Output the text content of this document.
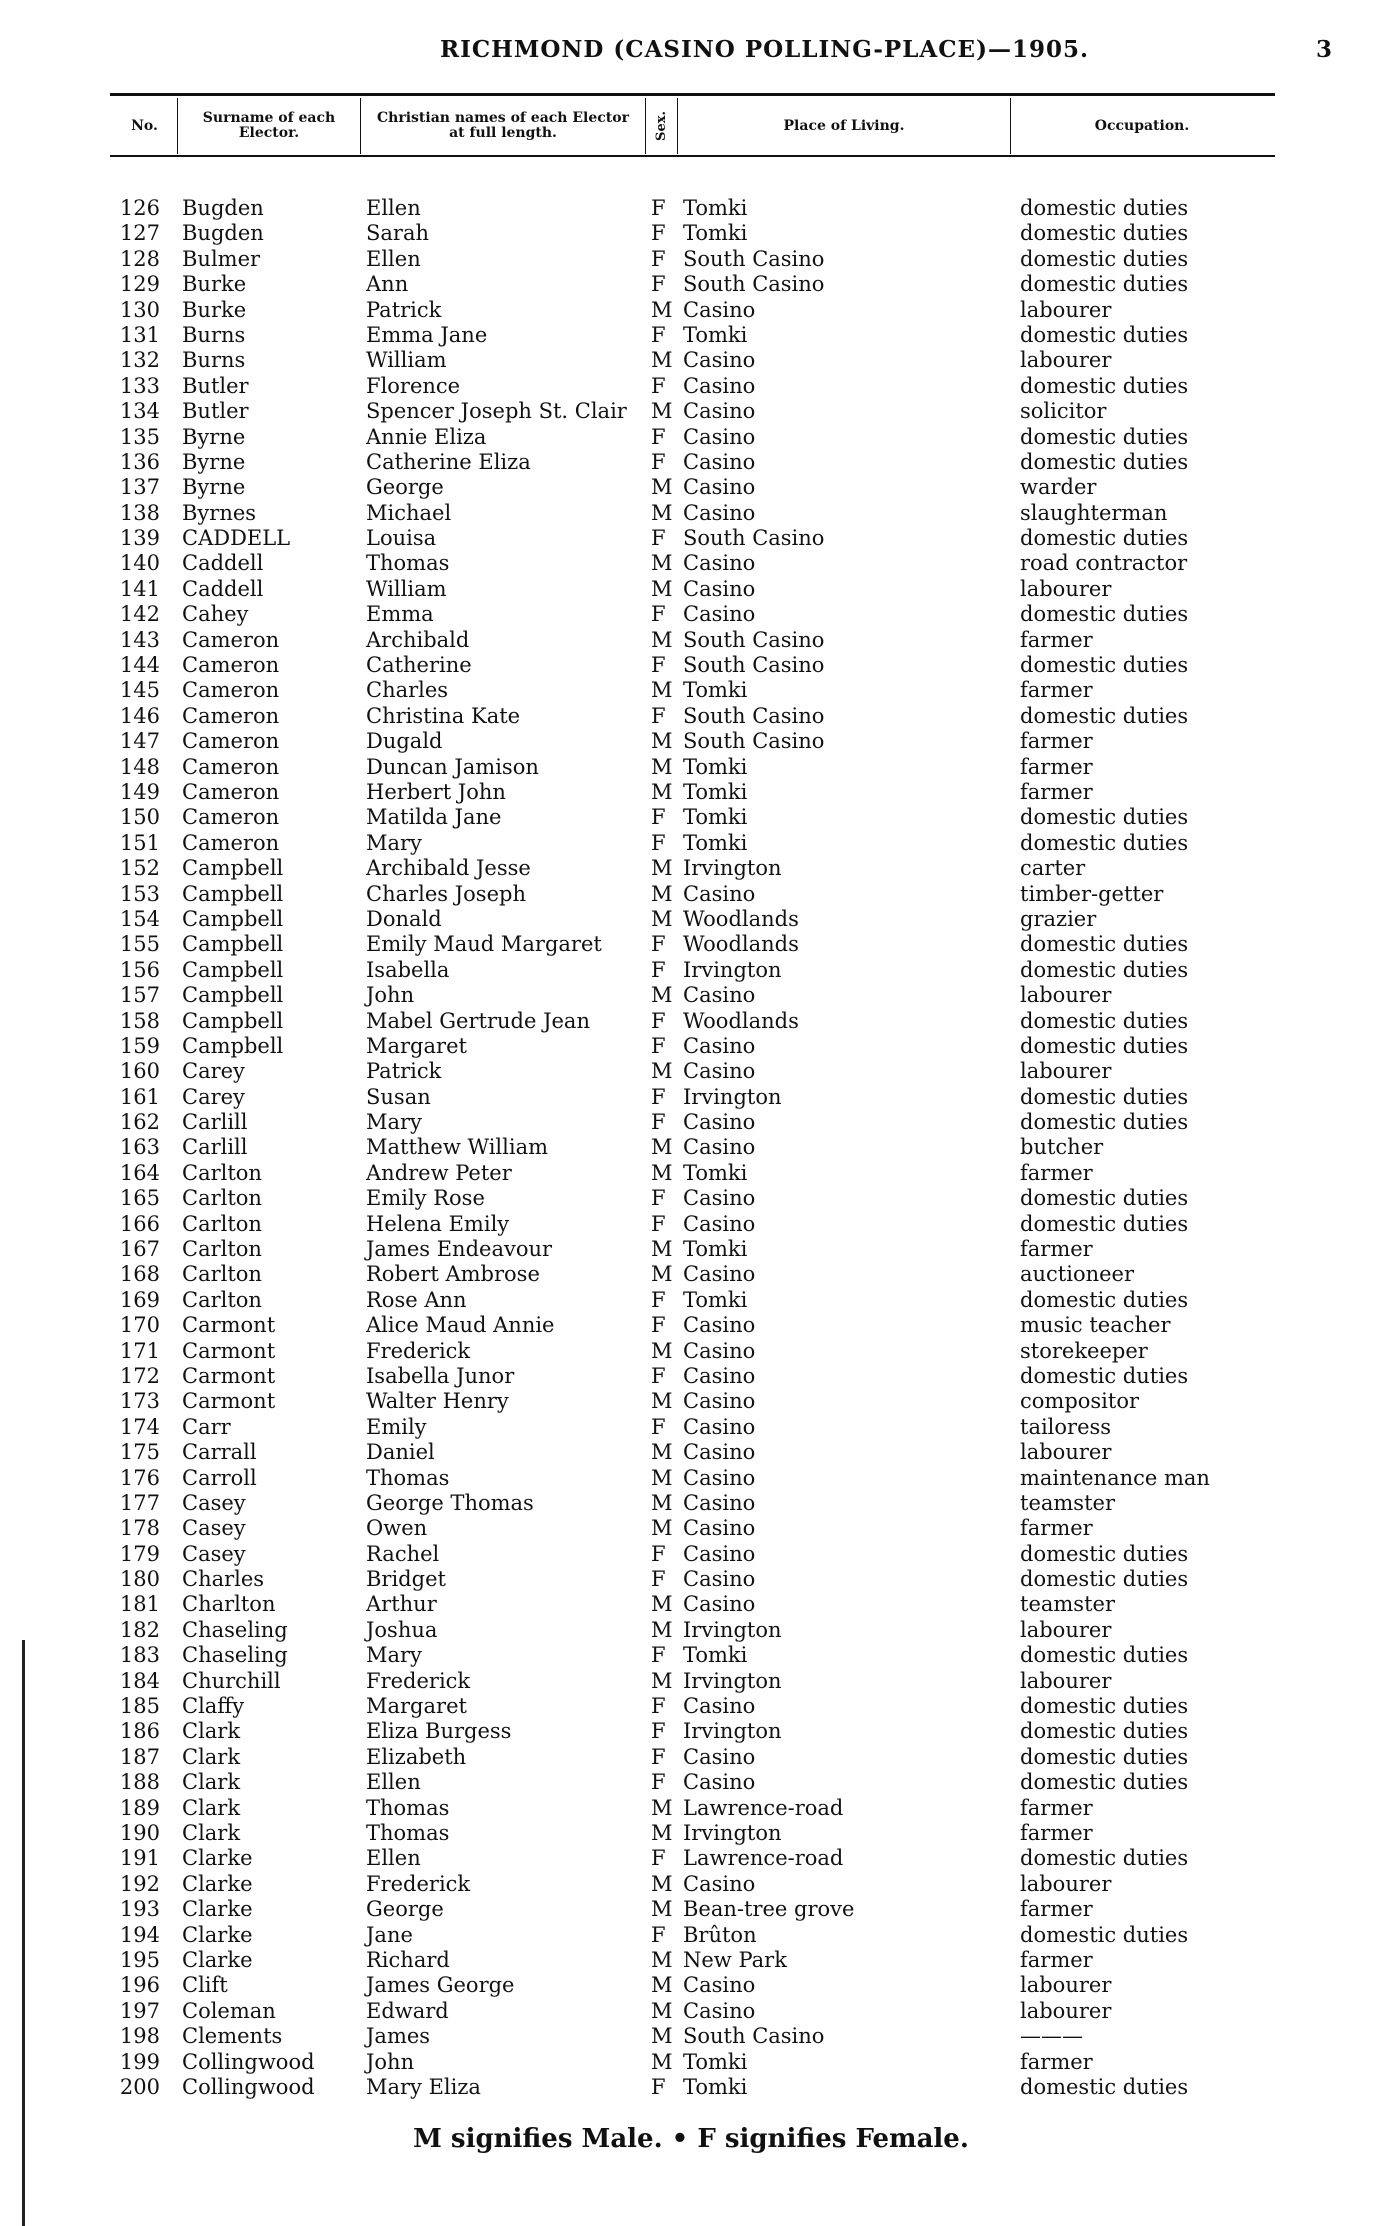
RICHMOND (CASINO POLLING-PLACE)—1905.	3
No.	Surname of each Elector.
Christian names of each Elector at full length.	Sex.	Place of Living.	Occupation.
126 Bugden	Ellen	F Tomki	domestic duties
127 Bugden	Sarah	F Tomki	domestic duties
128 Bulmer	Ellen	F South Casino	domestic duties
129 Burke	Ann	F South Casino	domestic duties
130 Burke	Patrick	M Casino	labourer
131 Burns	Emma Jane	F Tomki	domestic duties
132 Burns	William	M Casino	labourer
133 Butler	Florence	F Casino	domestic duties
134 Butler	Spencer Joseph St. Clair M Casino	solicitor
135 Byrne	Annie Eliza	F Casino	domestic duties
136 Byrne	Catherine Eliza	F Casino	domestic duties
137 Byrne	George	M Casino	warder
138 Byrnes	Michael	M Casino	slaughterman
139 CADDELL	Louisa	F South Casino	domestic duties
140 Caddell	Thomas	M Casino	road contractor
141 Caddell	William	M Casino	labourer
142 Cahey	Emma	F Casino	domestic duties
143 Cameron	Archibald	M South Casino	farmer
144 Cameron	Catherine	F South Casino	domestic duties
145 Cameron	Charles	M Tomki	farmer
146 Cameron	Christina Kate	F South Casino	domestic duties
147 Cameron	Dugald	M South Casino	farmer
148 Cameron	Duncan Jamison	M Tomki	farmer
149 Cameron	Herbert John	M Tomki	farmer
150 Cameron	Matilda Jane	F Tomki	domestic duties
151 Cameron	Mary	F Tomki	domestic duties
152 Campbell	Archibald Jesse	M Irvington	carter
153 Campbell	Charles Joseph	M Casino	timber-getter
154 Campbell	Donald	M Woodlands	grazier
155 Campbell	Emily Maud Margaret F Woodlands	domestic duties
156 Campbell	Isabella	F Irvington	domestic duties
157 Campbell	John	M Casino	labourer
158 Campbell	Mabel Gertrude Jean	F Woodlands	domestic duties
159 Campbell	Margaret	F Casino	domestic duties
160 Carey	Patrick	M Casino	labourer
161 Carey	Susan	F Irvington	domestic duties
162 Carlill	Mary	F Casino	domestic duties
163 Carlill	Matthew William	M Casino	butcher
164 Carlton	Andrew Peter	M Tomki	farmer
165 Carlton	Emily Rose	F Casino	domestic duties
166 Carlton	Helena Emily	F Casino	domestic duties
167 Carlton	James Endeavour	M Tomki	farmer
168 Carlton	Robert Ambrose	M Casino	auctioneer
169 Carlton	Rose Ann	F Tomki	domestic duties
170 Carmont	Alice Maud Annie	F Casino	music teacher
171 Carmont	Frederick	M Casino	storekeeper
172 Carmont	Isabella Junor	F Casino	domestic duties
173 Carmont	Walter Henry	M Casino	compositor
174 Carr	Emily	F Casino	tailoress
175 Carrall	Daniel	M Casino	labourer
176 Carroll	Thomas	M Casino	maintenance man
177 Casey	George Thomas	M Casino	teamster
178 Casey	Owen	M Casino	farmer
179 Casey	Rachel	F Casino	domestic duties
180 Charles	Bridget	F Casino	domestic duties
181 Charlton	Arthur	M Casino	teamster
182 Chaseling	Joshua	M Irvington	labourer
183 Chaseling	Mary	F Tomki	domestic duties
184 Churchill	Frederick	M Irvington	labourer
185 Claffy	Margaret	F Casino	domestic duties
186 Clark	Eliza Burgess	F Irvington	domestic duties
187 Clark	Elizabeth	F Casino	domestic duties
188 Clark	Ellen	F Casino	domestic duties
189 Clark	Thomas	M Lawrence-road	farmer
190 Clark	Thomas	M Irvington	farmer
191 Clarke	Ellen	F Lawrence-road	domestic duties
192 Clarke	Frederick	M Casino	labourer
193 Clarke	George	M Bean-tree grove	farmer
194 Clarke	Jane	F Brûton	domestic duties
195 Clarke	Richard	M New Park	farmer
196 Clift	James George	M Casino	labourer
197 Coleman	Edward	M Casino	labourer
198 Clements	James	M South Casino	———
199 Collingwood John	M Tomki	farmer
200 Collingwood Mary Eliza	F Tomki	domestic duties
M signifies Male. • F signifies Female.
